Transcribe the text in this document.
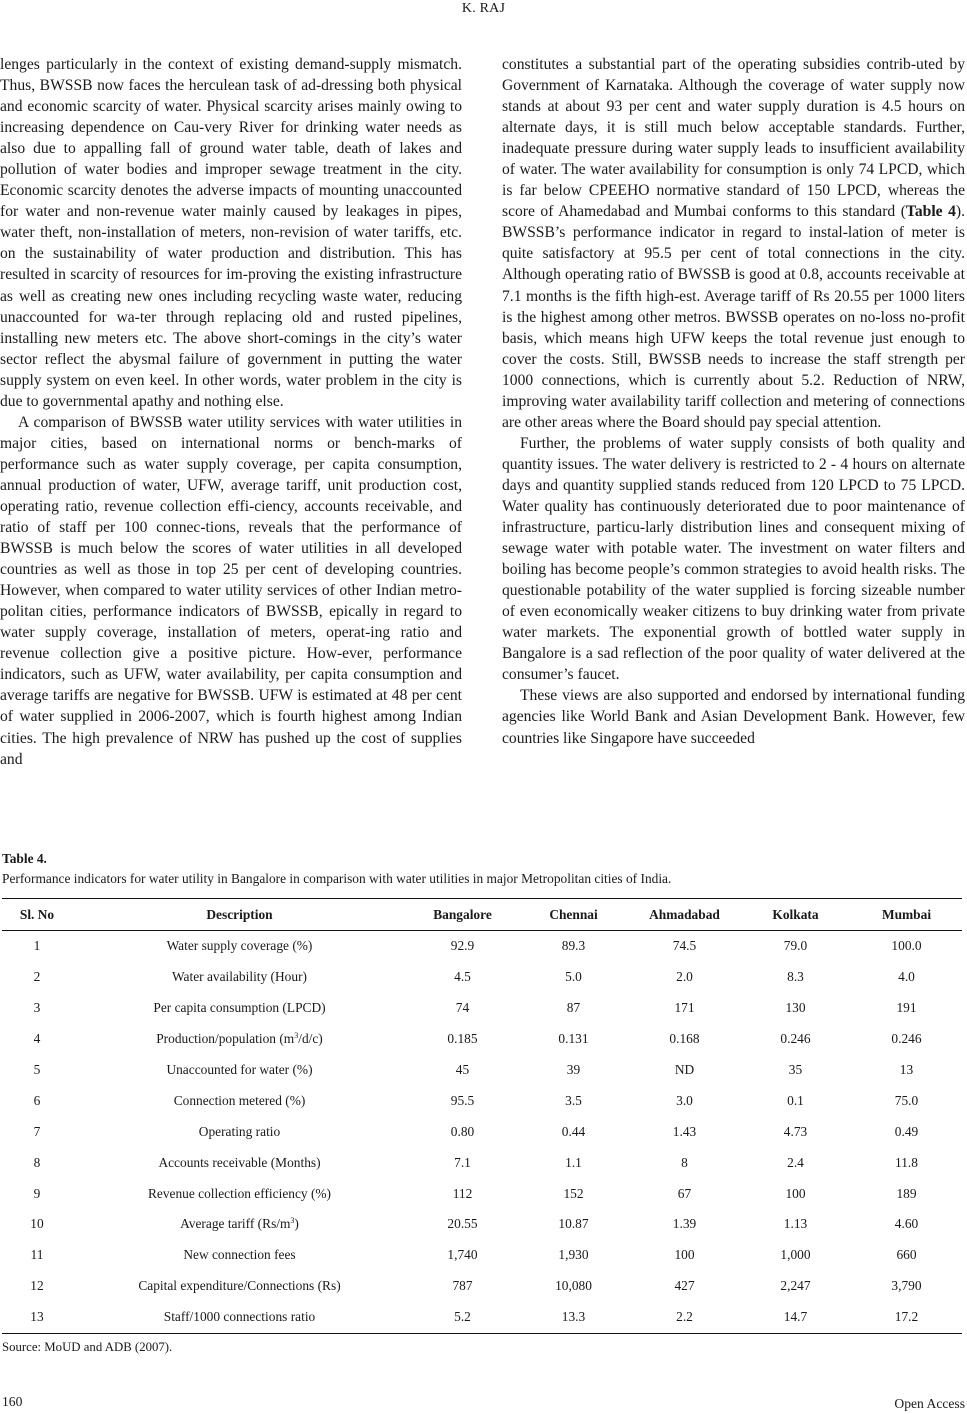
K. RAJ

lenges particularly in the context of existing demand-supply mismatch. Thus, BWSSB now faces the herculean task of ad-dressing both physical and economic scarcity of water. Physical scarcity arises mainly owing to increasing dependence on Cau-very River for drinking water needs as also due to appalling fall of ground water table, death of lakes and pollution of water bodies and improper sewage treatment in the city. Economic scarcity denotes the adverse impacts of mounting unaccounted for water and non-revenue water mainly caused by leakages in pipes, water theft, non-installation of meters, non-revision of water tariffs, etc. on the sustainability of water production and distribution. This has resulted in scarcity of resources for im-proving the existing infrastructure as well as creating new ones including recycling waste water, reducing unaccounted for wa-ter through replacing old and rusted pipelines, installing new meters etc. The above short-comings in the city’s water sector reflect the abysmal failure of government in putting the water supply system on even keel. In other words, water problem in the city is due to governmental apathy and nothing else.

A comparison of BWSSB water utility services with water utilities in major cities, based on international norms or bench-marks of performance such as water supply coverage, per capita consumption, annual production of water, UFW, average tariff, unit production cost, operating ratio, revenue collection effi-ciency, accounts receivable, and ratio of staff per 100 connec-tions, reveals that the performance of BWSSB is much below the scores of water utilities in all developed countries as well as those in top 25 per cent of developing countries. However, when compared to water utility services of other Indian metro-politan cities, performance indicators of BWSSB, epically in regard to water supply coverage, installation of meters, operat-ing ratio and revenue collection give a positive picture. How-ever, performance indicators, such as UFW, water availability, per capita consumption and average tariffs are negative for BWSSB. UFW is estimated at 48 per cent of water supplied in 2006-2007, which is fourth highest among Indian cities. The high prevalence of NRW has pushed up the cost of supplies and

constitutes a substantial part of the operating subsidies contrib-uted by Government of Karnataka. Although the coverage of water supply now stands at about 93 per cent and water supply duration is 4.5 hours on alternate days, it is still much below acceptable standards. Further, inadequate pressure during water supply leads to insufficient availability of water. The water availability for consumption is only 74 LPCD, which is far below CPEEHO normative standard of 150 LPCD, whereas the score of Ahamedabad and Mumbai conforms to this standard (Table 4). BWSSB’s performance indicator in regard to instal-lation of meter is quite satisfactory at 95.5 per cent of total connections in the city. Although operating ratio of BWSSB is good at 0.8, accounts receivable at 7.1 months is the fifth high-est. Average tariff of Rs 20.55 per 1000 liters is the highest among other metros. BWSSB operates on no-loss no-profit basis, which means high UFW keeps the total revenue just enough to cover the costs. Still, BWSSB needs to increase the staff strength per 1000 connections, which is currently about 5.2. Reduction of NRW, improving water availability tariff collection and metering of connections are other areas where the Board should pay special attention.

Further, the problems of water supply consists of both quality and quantity issues. The water delivery is restricted to 2 - 4 hours on alternate days and quantity supplied stands reduced from 120 LPCD to 75 LPCD. Water quality has continuously deteriorated due to poor maintenance of infrastructure, particu-larly distribution lines and consequent mixing of sewage water with potable water. The investment on water filters and boiling has become people’s common strategies to avoid health risks. The questionable potability of the water supplied is forcing sizeable number of even economically weaker citizens to buy drinking water from private water markets. The exponential growth of bottled water supply in Bangalore is a sad reflection of the poor quality of water delivered at the consumer’s faucet.

These views are also supported and endorsed by international funding agencies like World Bank and Asian Development Bank. However, few countries like Singapore have succeeded

Table 4.
Performance indicators for water utility in Bangalore in comparison with water utilities in major Metropolitan cities of India.
Sl. No	Description	Bangalore	Chennai	Ahmadabad	Kolkata	Mumbai
1	Water supply coverage (%)	92.9	89.3	74.5	79.0	100.0
2	Water availability (Hour)	4.5	5.0	2.0	8.3	4.0
3	Per capita consumption (LPCD)	74	87	171	130	191
4	Production/population $(m^3/d/c)$	0.185	0.131	0.168	0.246	0.246
5	Unaccounted for water (%)	45	39	ND	35	13
6	Connection metered (%)	95.5	3.5	3.0	0.1	75.0
7	Operating ratio	0.80	0.44	1.43	4.73	0.49
8	Accounts receivable (Months)	7.1	1.1	8	2.4	11.8
9	Revenue collection efficiency (%)	112	152	67	100	189
10	Average tariff $(Rs/m^3)$	20.55	10.87	1.39	1.13	4.60
11	New connection fees	1,740	1,930	100	1,000	660
12	Capital expenditure/Connections (Rs)	787	10,080	427	2,247	3,790
13	Staff/1000 connections ratio	5.2	13.3	2.2	14.7	17.2
Source: MoUD and ADB (2007).
160	Open Access
